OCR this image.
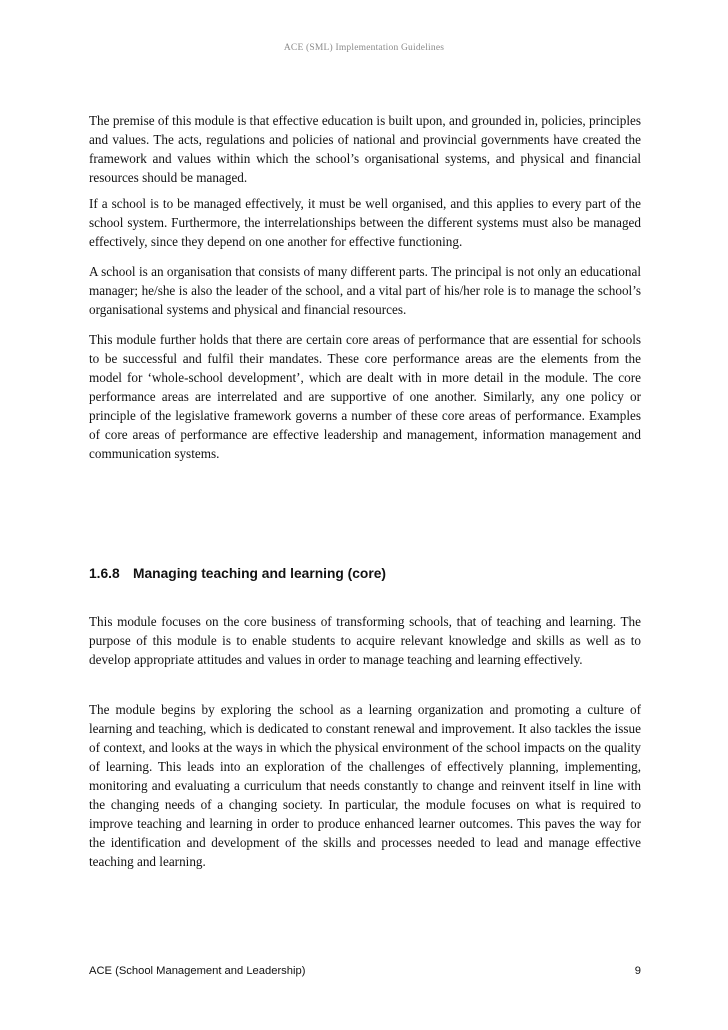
ACE (SML) Implementation Guidelines

The premise of this module is that effective education is built upon, and grounded in, policies, principles and values. The acts, regulations and policies of national and provincial governments have created the framework and values within which the school’s organisational systems, and physical and financial resources should be managed.

If a school is to be managed effectively, it must be well organised, and this applies to every part of the school system. Furthermore, the interrelationships between the different systems must also be managed effectively, since they depend on one another for effective functioning.

A school is an organisation that consists of many different parts. The principal is not only an educational manager; he/she is also the leader of the school, and a vital part of his/her role is to manage the school’s organisational systems and physical and financial resources.

This module further holds that there are certain core areas of performance that are essential for schools to be successful and fulfil their mandates. These core performance areas are the elements from the model for ‘whole-school development’, which are dealt with in more detail in the module. The core performance areas are interrelated and are supportive of one another. Similarly, any one policy or principle of the legislative framework governs a number of these core areas of performance. Examples of core areas of performance are effective leadership and management, information management and communication systems.

1.6.8 Managing teaching and learning (core)

This module focuses on the core business of transforming schools, that of teaching and learning. The purpose of this module is to enable students to acquire relevant knowledge and skills as well as to develop appropriate attitudes and values in order to manage teaching and learning effectively.

The module begins by exploring the school as a learning organization and promoting a culture of learning and teaching, which is dedicated to constant renewal and improvement. It also tackles the issue of context, and looks at the ways in which the physical environment of the school impacts on the quality of learning. This leads into an exploration of the challenges of effectively planning, implementing, monitoring and evaluating a curriculum that needs constantly to change and reinvent itself in line with the changing needs of a changing society. In particular, the module focuses on what is required to improve teaching and learning in order to produce enhanced learner outcomes. This paves the way for the identification and development of the skills and processes needed to lead and manage effective teaching and learning.

ACE (School Management and Leadership)	9
